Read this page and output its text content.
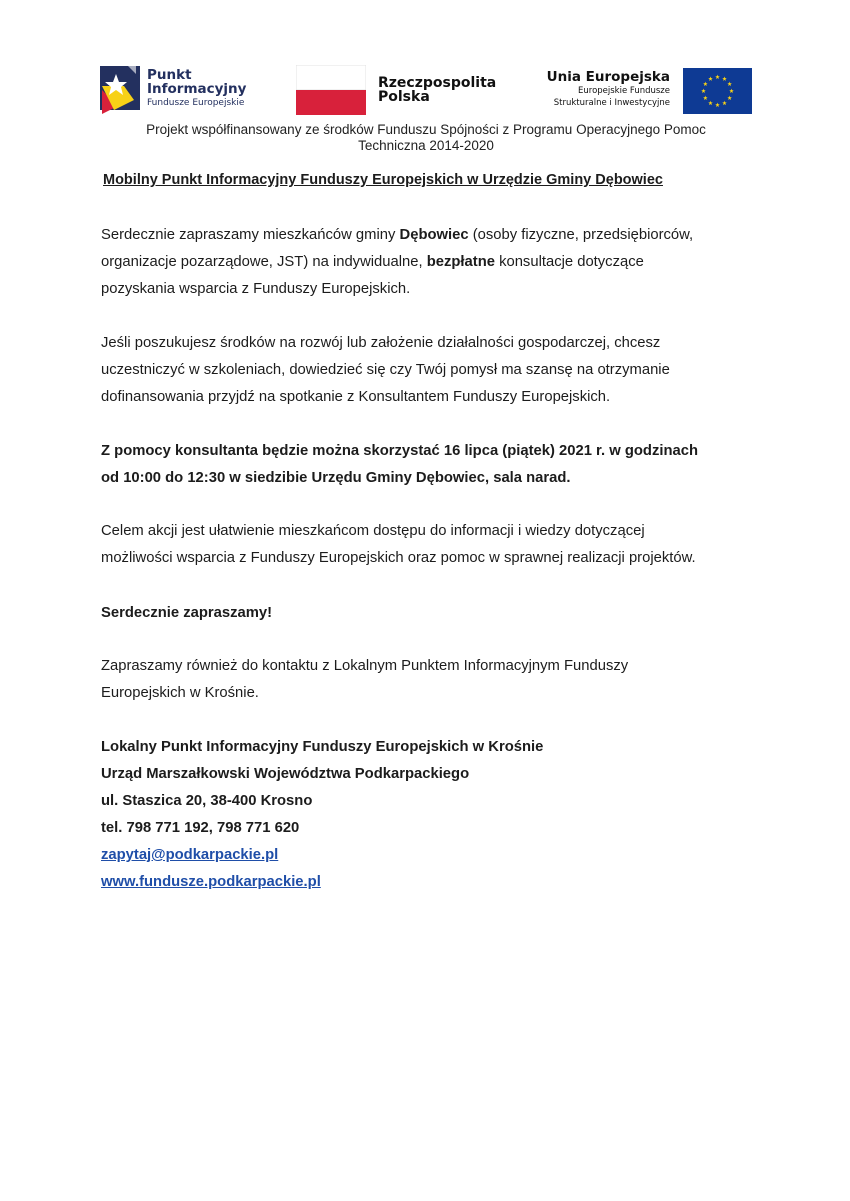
Punkt
Informacyjny
Fundusze Europejskie
Rzeczpospolita
Polska
Unia Europejska
Europejskie Fundusze
Strukturalne i Inwestycyjne
Projekt współfinansowany ze środków Funduszu Spójności z Programu Operacyjnego Pomoc
Techniczna 2014-2020
Mobilny Punkt Informacyjny Funduszy Europejskich w Urzędzie Gminy Dębowiec
Serdecznie zapraszamy mieszkańców gminy Dębowiec (osoby fizyczne, przedsiębiorców,
organizacje pozarządowe, JST) na indywidualne, bezpłatne konsultacje dotyczące
pozyskania wsparcia z Funduszy Europejskich.
Jeśli poszukujesz środków na rozwój lub założenie działalności gospodarczej, chcesz
uczestniczyć w szkoleniach, dowiedzieć się czy Twój pomysł ma szansę na otrzymanie
dofinansowania przyjdź na spotkanie z Konsultantem Funduszy Europejskich.
Z pomocy konsultanta będzie można skorzystać 16 lipca (piątek) 2021 r. w godzinach
od 10:00 do 12:30 w siedzibie Urzędu Gminy Dębowiec, sala narad.
Celem akcji jest ułatwienie mieszkańcom dostępu do informacji i wiedzy dotyczącej
możliwości wsparcia z Funduszy Europejskich oraz pomoc w sprawnej realizacji projektów.
Serdecznie zapraszamy!
Zapraszamy również do kontaktu z Lokalnym Punktem Informacyjnym Funduszy
Europejskich w Krośnie.
Lokalny Punkt Informacyjny Funduszy Europejskich w Krośnie
Urząd Marszałkowski Województwa Podkarpackiego
ul. Staszica 20, 38-400 Krosno
tel. 798 771 192, 798 771 620
zapytaj@podkarpackie.pl
www.fundusze.podkarpackie.pl
